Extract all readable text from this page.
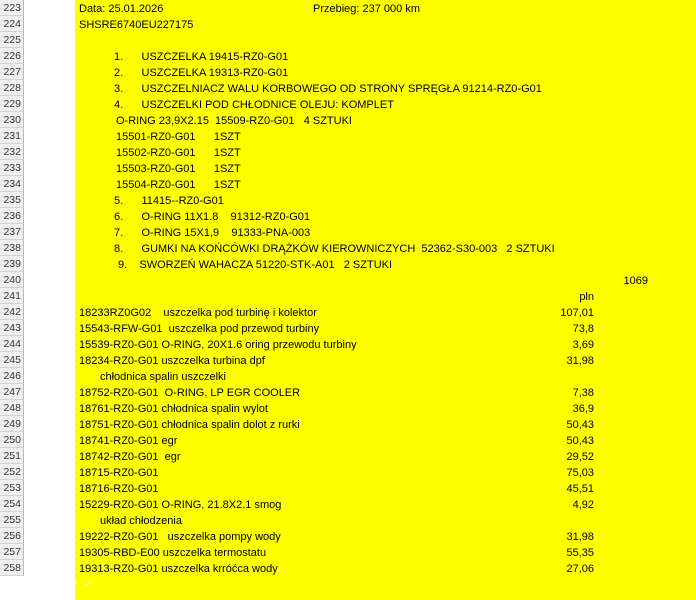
223	Data: 25.01.2026	Przebieg: 237 000 km
224	SHSRE6740EU227175
225
226	1.      USZCZELKA 19415-RZ0-G01
227	2.      USZCZELKA 19313-RZ0-G01
228	3.      USZCZELNIACZ WALU KORBOWEGO OD STRONY SPRĘGŁA 91214-RZ0-G01
229	4.      USZCZELKI POD CHŁODNICE OLEJU: KOMPLET
230	O-RING 23,9X2.15  15509-RZ0-G01   4 SZTUKI
231	15501-RZ0-G01      1SZT
232	15502-RZ0-G01      1SZT
233	15503-RZ0-G01      1SZT
234	15504-RZ0-G01      1SZT
235	5.      11415--RZ0-G01
236	6.      O-RING 11X1.8    91312-RZ0-G01
237	7.      O-RING 15X1,9    91333-PNA-003
238	8.      GUMKI NA KOŃCÓWKI DRĄŻKÓW KIEROWNICZYCH  52362-S30-003   2 SZTUKI
239	9.    SWORZEŃ WAHACZA 51220-STK-A01   2 SZTUKI
240	1069
241	pln
242	18233RZ0G02    uszczelka pod turbinę i kolektor	107,01
243	15543-RFW-G01  uszczelka pod przewod turbiny	73,8
244	15539-RZ0-G01 O-RING, 20X1.6 oring przewodu turbiny	3,69
245	18234-RZ0-G01 uszczelka turbina dpf	31,98
246	chłodnica spalin uszczelki
247	18752-RZ0-G01  O-RING, LP EGR COOLER	7,38
248	18761-RZ0-G01 chłodnica spalin wylot	36,9
249	18751-RZ0-G01 chłodnica spalin dolot z rurki	50,43
250	18741-RZ0-G01 egr	50,43
251	18742-RZ0-G01  egr	29,52
252	18715-RZ0-G01	75,03
253	18716-RZ0-G01	45,51
254	15229-RZ0-G01 O-RING, 21.8X2.1 smog	4,92
255	układ chłodzenia
256	19222-RZ0-G01   uszczelka pompy wody	31,98
257	19305-RBD-E00 uszczelka termostatu	55,35
258	19313-RZ0-G01 uszczelka krróćca wody	27,06
⊙ ( ) ○ ○ ○
